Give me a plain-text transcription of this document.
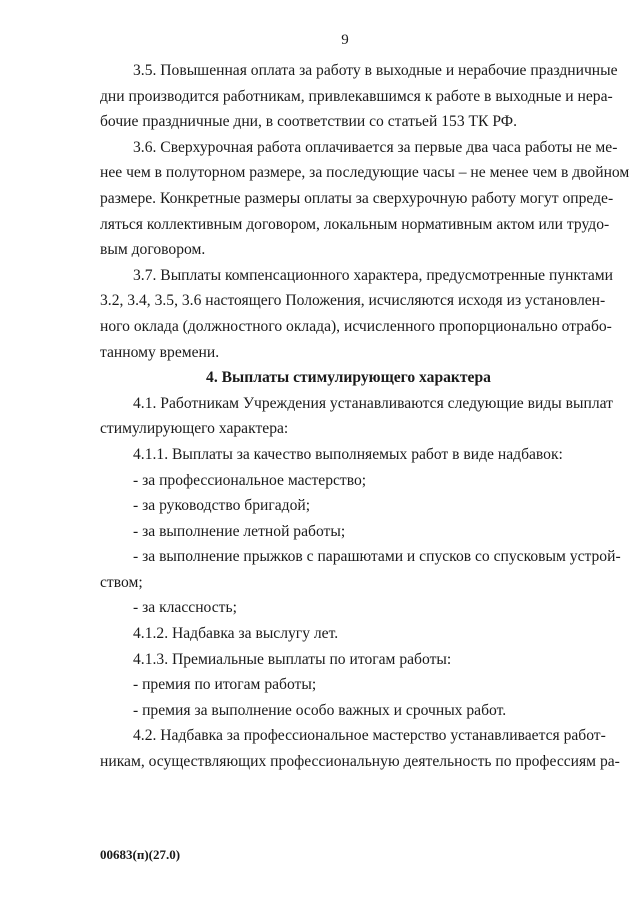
9
3.5. Повышенная оплата за работу в выходные и нерабочие праздничные
дни производится работникам, привлекавшимся к работе в выходные и нера-
бочие праздничные дни, в соответствии со статьей 153 ТК РФ.
3.6. Сверхурочная работа оплачивается за первые два часа работы не ме-
нее чем в полуторном размере, за последующие часы – не менее чем в двойном
размере. Конкретные размеры оплаты за сверхурочную работу могут опреде-
ляться коллективным договором, локальным нормативным актом или трудо-
вым договором.
3.7. Выплаты компенсационного характера, предусмотренные пунктами
3.2, 3.4, 3.5, 3.6 настоящего Положения, исчисляются исходя из установлен-
ного оклада (должностного оклада), исчисленного пропорционально отрабо-
танному времени.

4. Выплаты стимулирующего характера

4.1. Работникам Учреждения устанавливаются следующие виды выплат
стимулирующего характера:
4.1.1. Выплаты за качество выполняемых работ в виде надбавок:
- за профессиональное мастерство;
- за руководство бригадой;
- за выполнение летной работы;
- за выполнение прыжков с парашютами и спусков со спусковым устрой-
ством;
- за классность;
4.1.2. Надбавка за выслугу лет.
4.1.3. Премиальные выплаты по итогам работы:
- премия по итогам работы;
- премия за выполнение особо важных и срочных работ.
4.2. Надбавка за профессиональное мастерство устанавливается работ-
никам, осуществляющих профессиональную деятельность по профессиям ра-
00683(п)(27.0)
